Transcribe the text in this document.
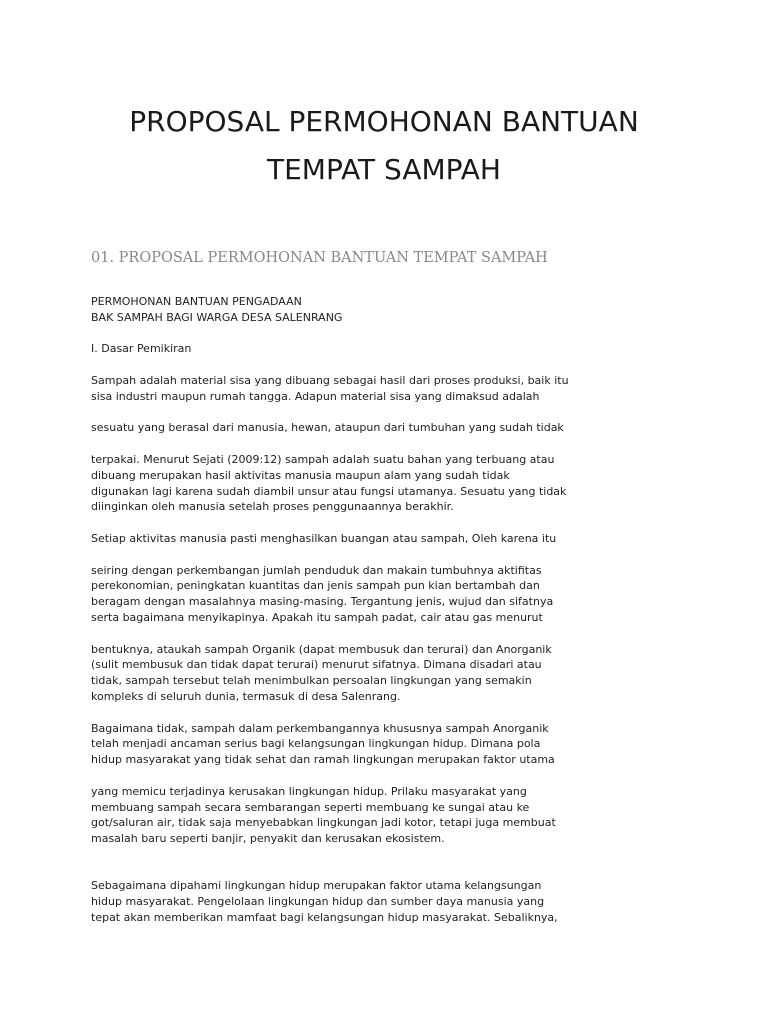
PROPOSAL PERMOHONAN BANTUAN
TEMPAT SAMPAH
01. PROPOSAL PERMOHONAN BANTUAN TEMPAT SAMPAH

PERMOHONAN BANTUAN PENGADAAN

BAK SAMPAH BAGI WARGA DESA SALENRANG

I. Dasar Pemikiran

Sampah adalah material sisa yang dibuang sebagai hasil dari proses produksi, baik itu

sisa industri maupun rumah tangga. Adapun material sisa yang dimaksud adalah

sesuatu yang berasal dari manusia, hewan, ataupun dari tumbuhan yang sudah tidak

terpakai. Menurut Sejati (2009:12) sampah adalah suatu bahan yang terbuang atau

dibuang merupakan hasil aktivitas manusia maupun alam yang sudah tidak

digunakan lagi karena sudah diambil unsur atau fungsi utamanya. Sesuatu yang tidak

diinginkan oleh manusia setelah proses penggunaannya berakhir.

Setiap aktivitas manusia pasti menghasilkan buangan atau sampah, Oleh karena itu

seiring dengan perkembangan jumlah penduduk dan makain tumbuhnya aktifitas

perekonomian, peningkatan kuantitas dan jenis sampah pun kian bertambah dan

beragam dengan masalahnya masing-masing. Tergantung jenis, wujud dan sifatnya

serta bagaimana menyikapinya. Apakah itu sampah padat, cair atau gas menurut

bentuknya, ataukah sampah Organik (dapat membusuk dan terurai) dan Anorganik

(sulit membusuk dan tidak dapat terurai) menurut sifatnya. Dimana disadari atau

tidak, sampah tersebut telah menimbulkan persoalan lingkungan yang semakin

kompleks di seluruh dunia, termasuk di desa Salenrang.

Bagaimana tidak, sampah dalam perkembangannya khususnya sampah Anorganik

telah menjadi ancaman serius bagi kelangsungan lingkungan hidup. Dimana pola

hidup masyarakat yang tidak sehat dan ramah lingkungan merupakan faktor utama

yang memicu terjadinya kerusakan lingkungan hidup. Prilaku masyarakat yang

membuang sampah secara sembarangan seperti membuang ke sungai atau ke

got/saluran air, tidak saja menyebabkan lingkungan jadi kotor, tetapi juga membuat

masalah baru seperti banjir, penyakit dan kerusakan ekosistem.

Sebagaimana dipahami lingkungan hidup merupakan faktor utama kelangsungan

hidup masyarakat. Pengelolaan lingkungan hidup dan sumber daya manusia yang

tepat akan memberikan mamfaat bagi kelangsungan hidup masyarakat. Sebaliknya,
